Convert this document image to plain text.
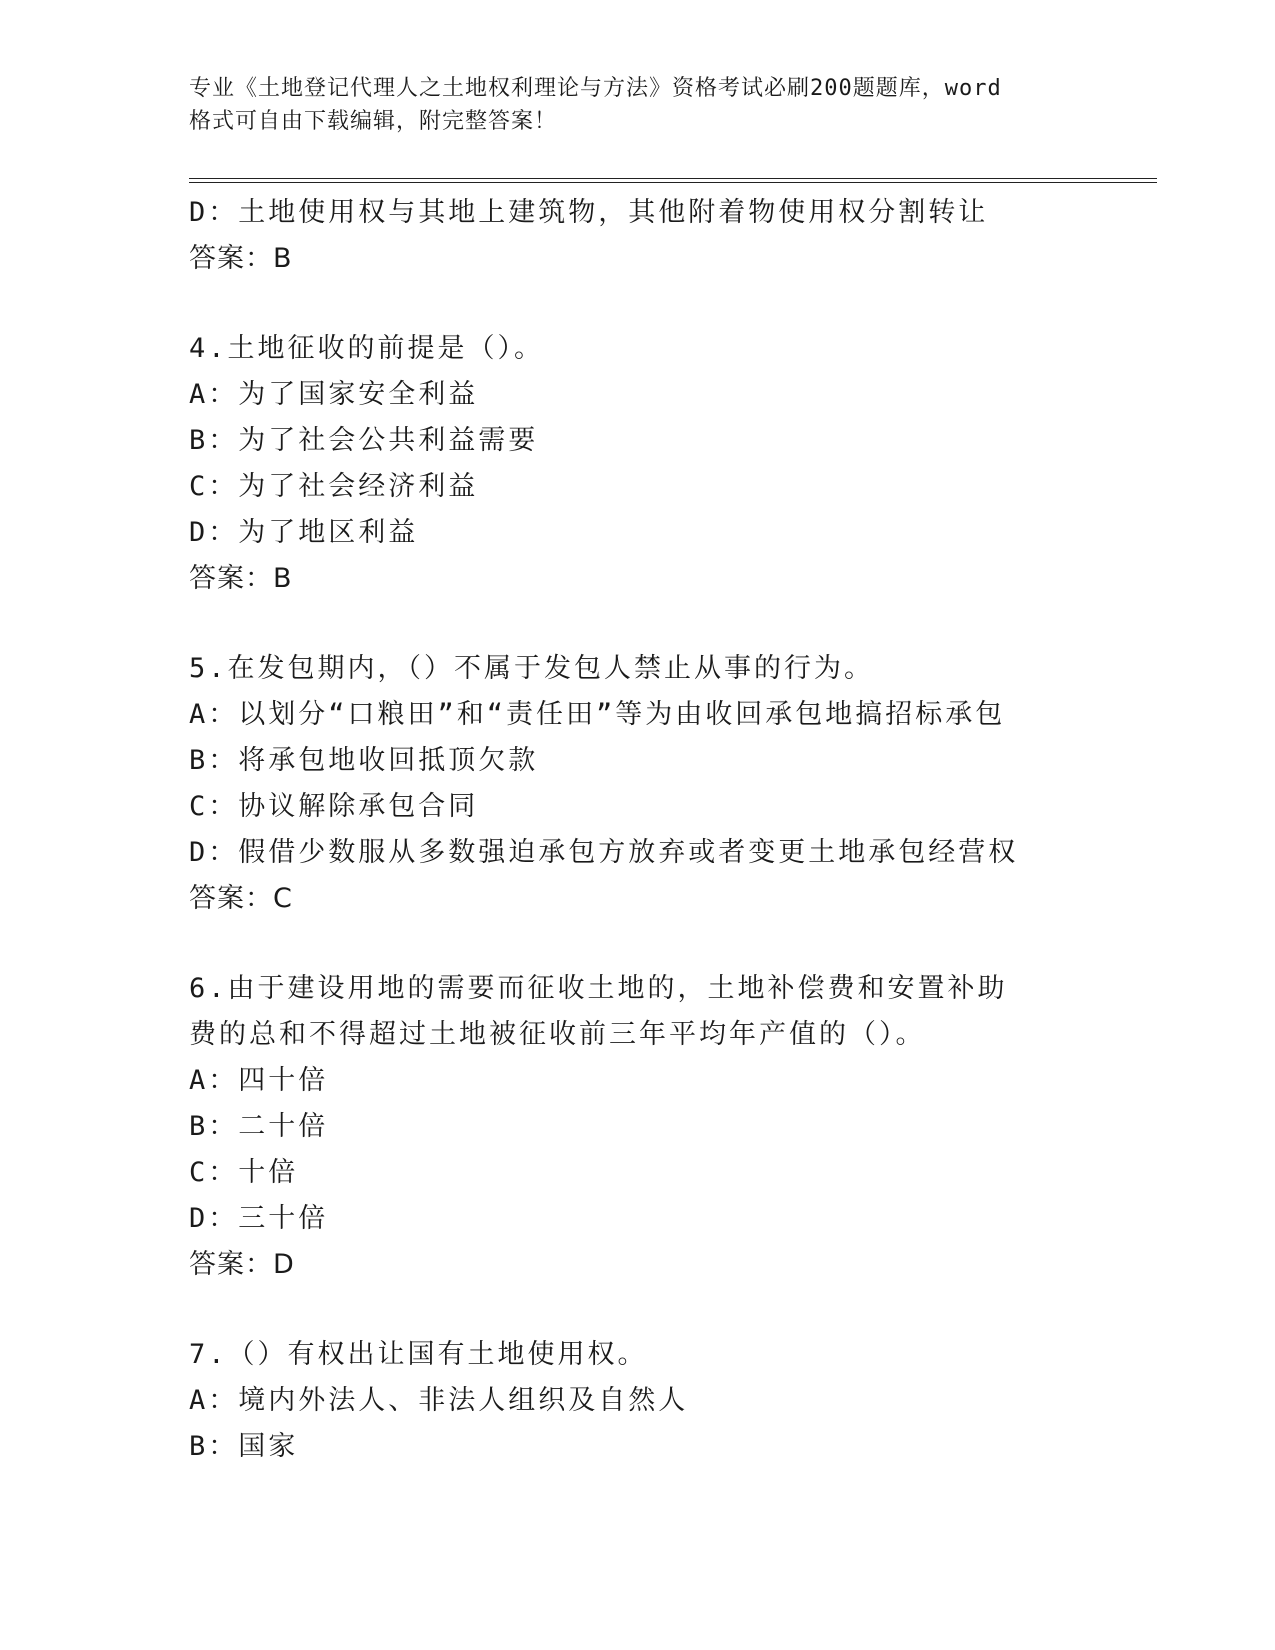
专业《土地登记代理人之土地权利理论与方法》资格考试必刷200题题库，word
格式可自由下载编辑，附完整答案！
D：土地使用权与其地上建筑物，其他附着物使用权分割转让
答案：B
4.土地征收的前提是（）。
A：为了国家安全利益
B：为了社会公共利益需要
C：为了社会经济利益
D：为了地区利益
答案：B
5.在发包期内，（）不属于发包人禁止从事的行为。
A：以划分“口粮田”和“责任田”等为由收回承包地搞招标承包
B：将承包地收回抵顶欠款
C：协议解除承包合同
D：假借少数服从多数强迫承包方放弃或者变更土地承包经营权
答案：C
6.由于建设用地的需要而征收土地的，土地补偿费和安置补助费的总和不得超过土地被征收前三年平均年产值的（）。
A：四十倍
B：二十倍
C：十倍
D：三十倍
答案：D
7.（）有权出让国有土地使用权。
A：境内外法人、非法人组织及自然人
B：国家
